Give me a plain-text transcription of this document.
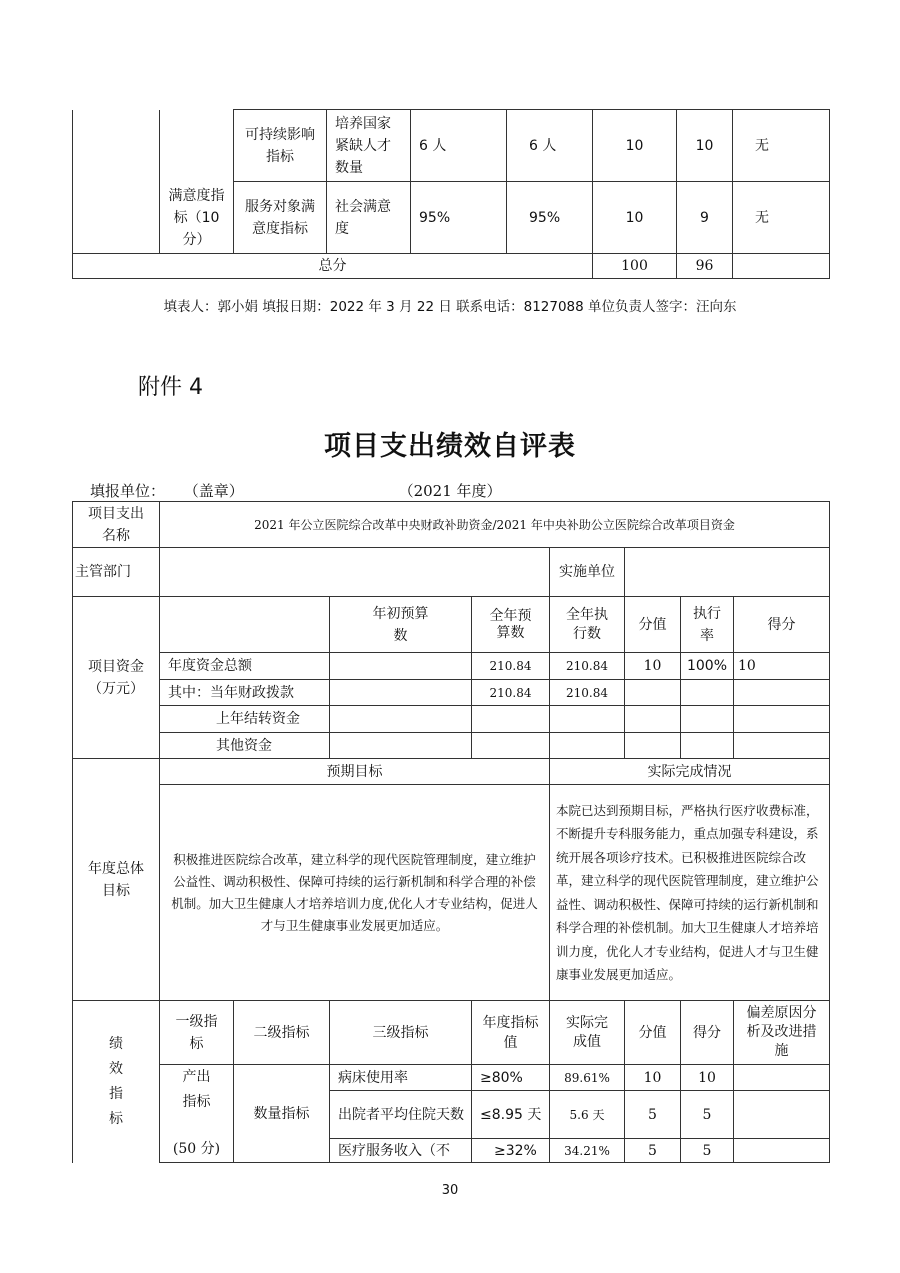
	满意度指标（10分）	可持续影响指标	培养国家紧缺人才数量	6 人	6 人	10	10	无
		服务对象满意度指标	社会满意度	95%	95%	10	9	无
总分						100	96	
填表人：郭小娟 填报日期：2022 年 3 月 22 日 联系电话：8127088 单位负责人签字：汪向东
附件 4
项目支出绩效自评表
填报单位： （盖章）	（2021 年度）
项目支出名称	2021 年公立医院综合改革中央财政补助资金/2021 年中央补助公立医院综合改革项目资金							
主管部门					实施单位			
项目资金（万元）			年初预算数	全年预算数	全年执行数	分值	执行率	得分
	年度资金总额			210.84	210.84	10	100%	10
	其中：当年财政拨款			210.84	210.84			
	上年结转资金							
	其他资金							
年度总体目标	预期目标				实际完成情况			
	积极推进医院综合改革，建立科学的现代医院管理制度，建立维护公益性、调动积极性、保障可持续的运行新机制和科学合理的补偿机制。加大卫生健康人才培养培训力度,优化人才专业结构，促进人才与卫生健康事业发展更加适应。				本院已达到预期目标，严格执行医疗收费标准，不断提升专科服务能力，重点加强专科建设，系统开展各项诊疗技术。已积极推进医院综合改革，建立科学的现代医院管理制度，建立维护公益性、调动积极性、保障可持续的运行新机制和科学合理的补偿机制。加大卫生健康人才培养培训力度，优化人才专业结构，促进人才与卫生健康事业发展更加适应。			
绩效指标	一级指标	二级指标	三级指标	年度指标值	实际完成值	分值	得分	偏差原因分析及改进措施

	产出
指标
(50 分)	数量指标	病床使用率	≥80%	89.61%	10	10	
			出院者平均住院天数	≤8.95 天	5.6 天	5	5	
			医疗服务收入（不	≥32%	34.21%	5	5	
30
